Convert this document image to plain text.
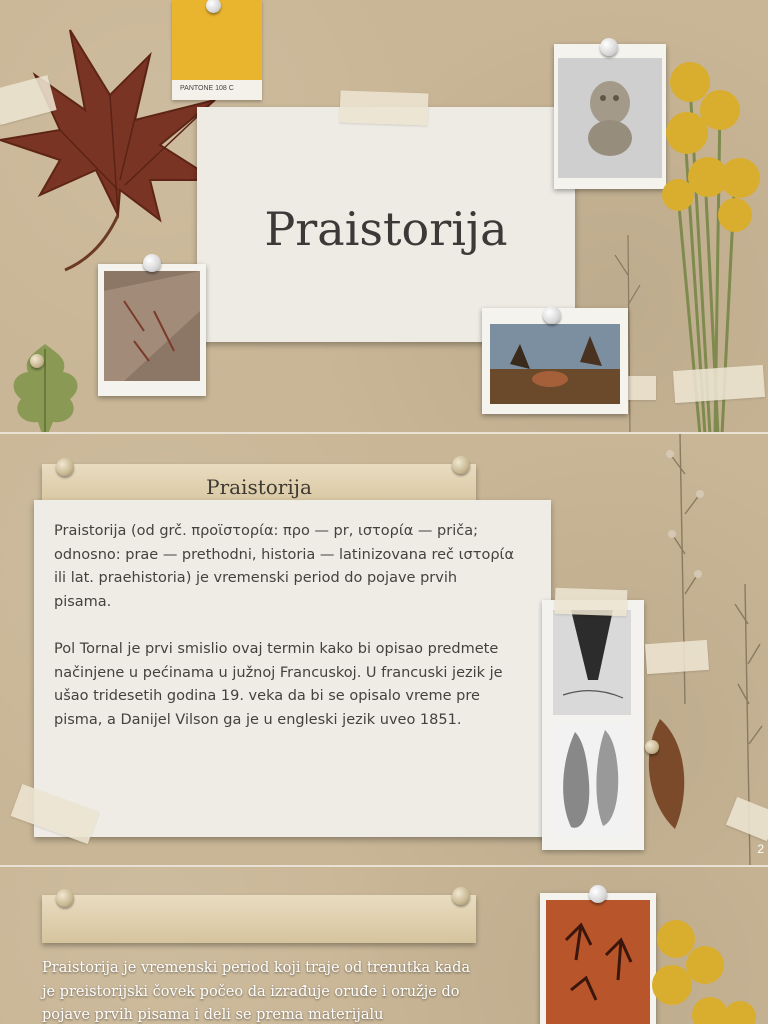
PANTONE 108 C
Praistorija
Praistorija
Praistorija (od grč. προϊστορία: προ — pr, ιστορία — priča; odnosno: prae — prethodni, historia — latinizovana reč ιστορία ili lat. praehistoria) je vremenski period do pojave prvih pisama.
Pol Tornal je prvi smislio ovaj termin kako bi opisao predmete načinjene u pećinama u južnoj Francuskoj. U francuski jezik je ušao tridesetih godina 19. veka da bi se opisalo vreme pre pisma, a Danijel Vilson ga je u engleski jezik uveo 1851.
2
Praistorija je vremenski period koji traje od trenutka kada je preistorijski čovek počeo da izrađuje oruđe i oružje do pojave prvih pisama i deli se prema materijalu
